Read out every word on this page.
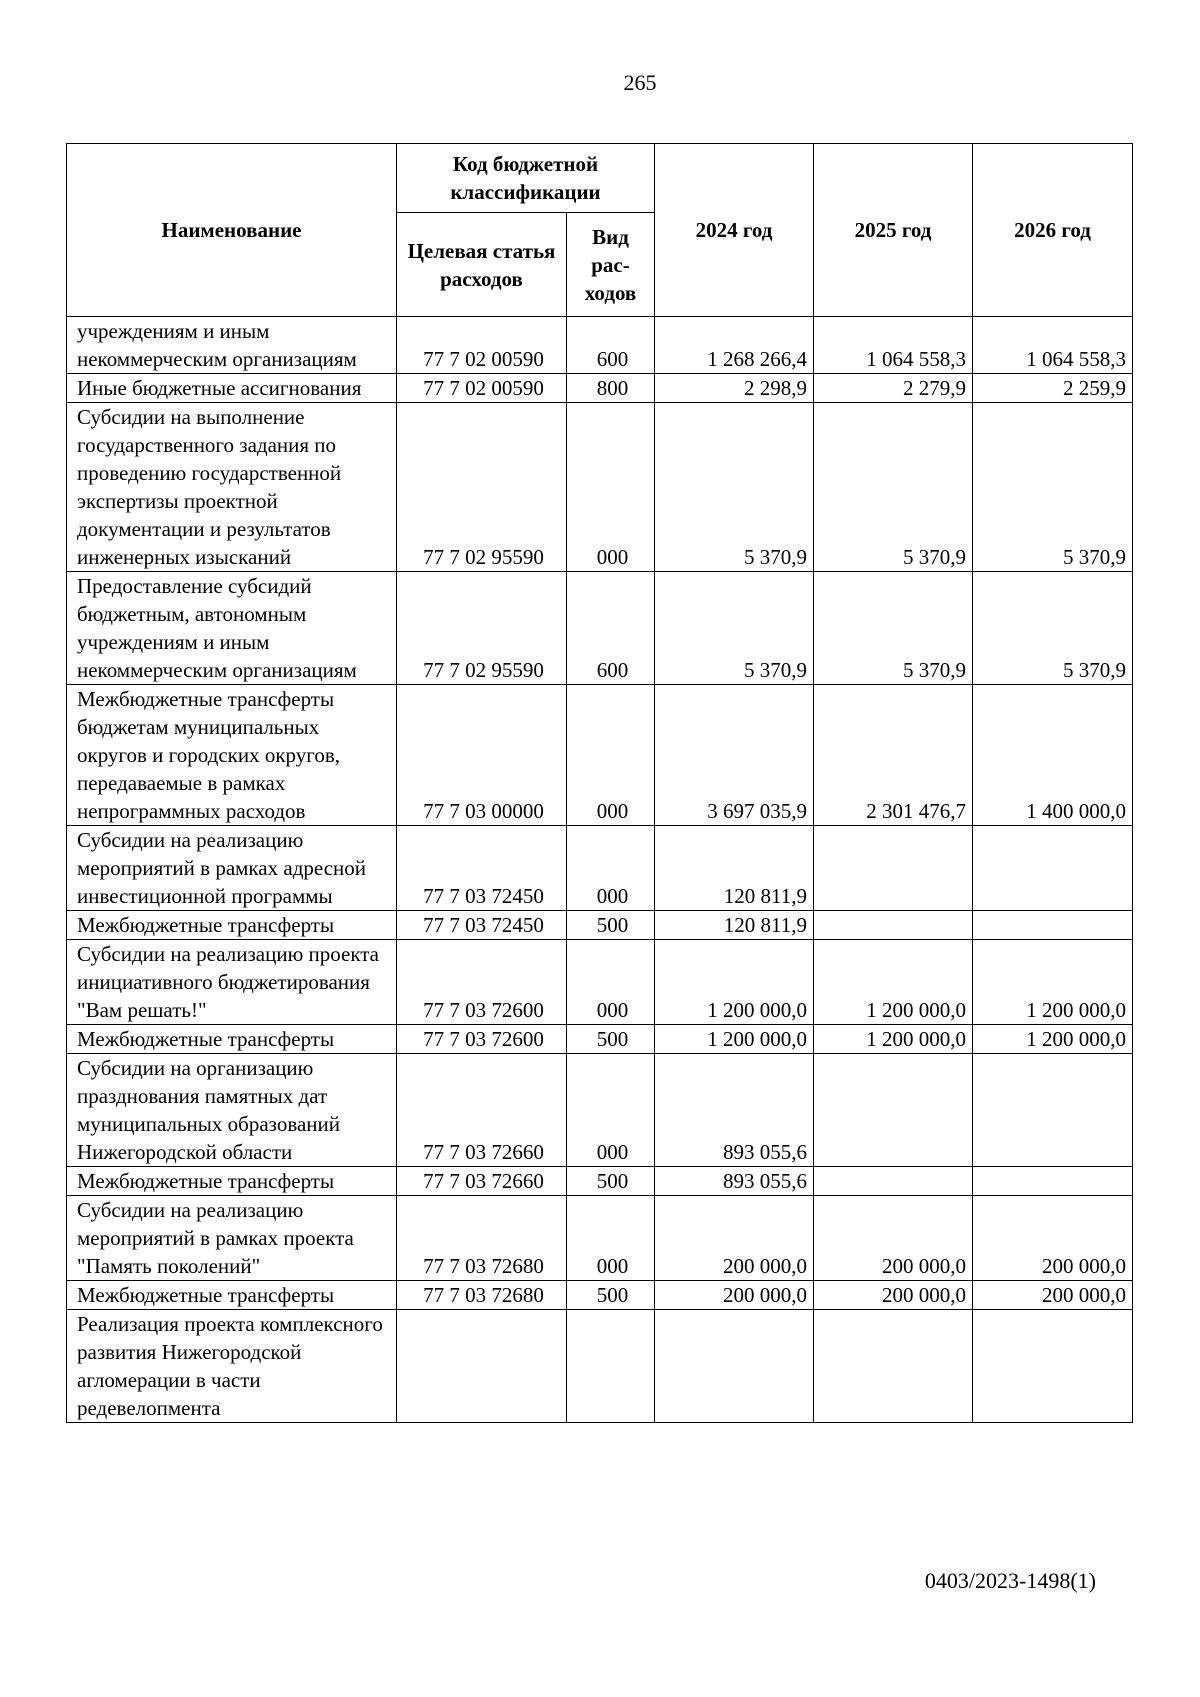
265
Наименование	Код бюджетной классификации		2024 год	2025 год	2026 год
	Целевая статья расходов	Вид рас-ходов			
учреждениям и иным некоммерческим организациям	77 7 02 00590	600	1 268 266,4	1 064 558,3	1 064 558,3
Иные бюджетные ассигнования	77 7 02 00590	800	2 298,9	2 279,9	2 259,9
Субсидии на выполнение государственного задания по проведению государственной экспертизы проектной документации и результатов инженерных изысканий	77 7 02 95590	000	5 370,9	5 370,9	5 370,9
Предоставление субсидий бюджетным, автономным учреждениям и иным некоммерческим организациям	77 7 02 95590	600	5 370,9	5 370,9	5 370,9
Межбюджетные трансферты бюджетам муниципальных округов и городских округов, передаваемые в рамках непрограммных расходов	77 7 03 00000	000	3 697 035,9	2 301 476,7	1 400 000,0
Субсидии на реализацию мероприятий в рамках адресной инвестиционной программы	77 7 03 72450	000	120 811,9		
Межбюджетные трансферты	77 7 03 72450	500	120 811,9		
Субсидии на реализацию проекта инициативного бюджетирования "Вам решать!"	77 7 03 72600	000	1 200 000,0	1 200 000,0	1 200 000,0
Межбюджетные трансферты	77 7 03 72600	500	1 200 000,0	1 200 000,0	1 200 000,0
Субсидии на организацию празднования памятных дат муниципальных образований Нижегородской области	77 7 03 72660	000	893 055,6		
Межбюджетные трансферты	77 7 03 72660	500	893 055,6		
Субсидии на реализацию мероприятий в рамках проекта "Память поколений"	77 7 03 72680	000	200 000,0	200 000,0	200 000,0
Межбюджетные трансферты	77 7 03 72680	500	200 000,0	200 000,0	200 000,0
Реализация проекта комплексного развития Нижегородской агломерации в части редевелопмента					
0403/2023-1498(1)
